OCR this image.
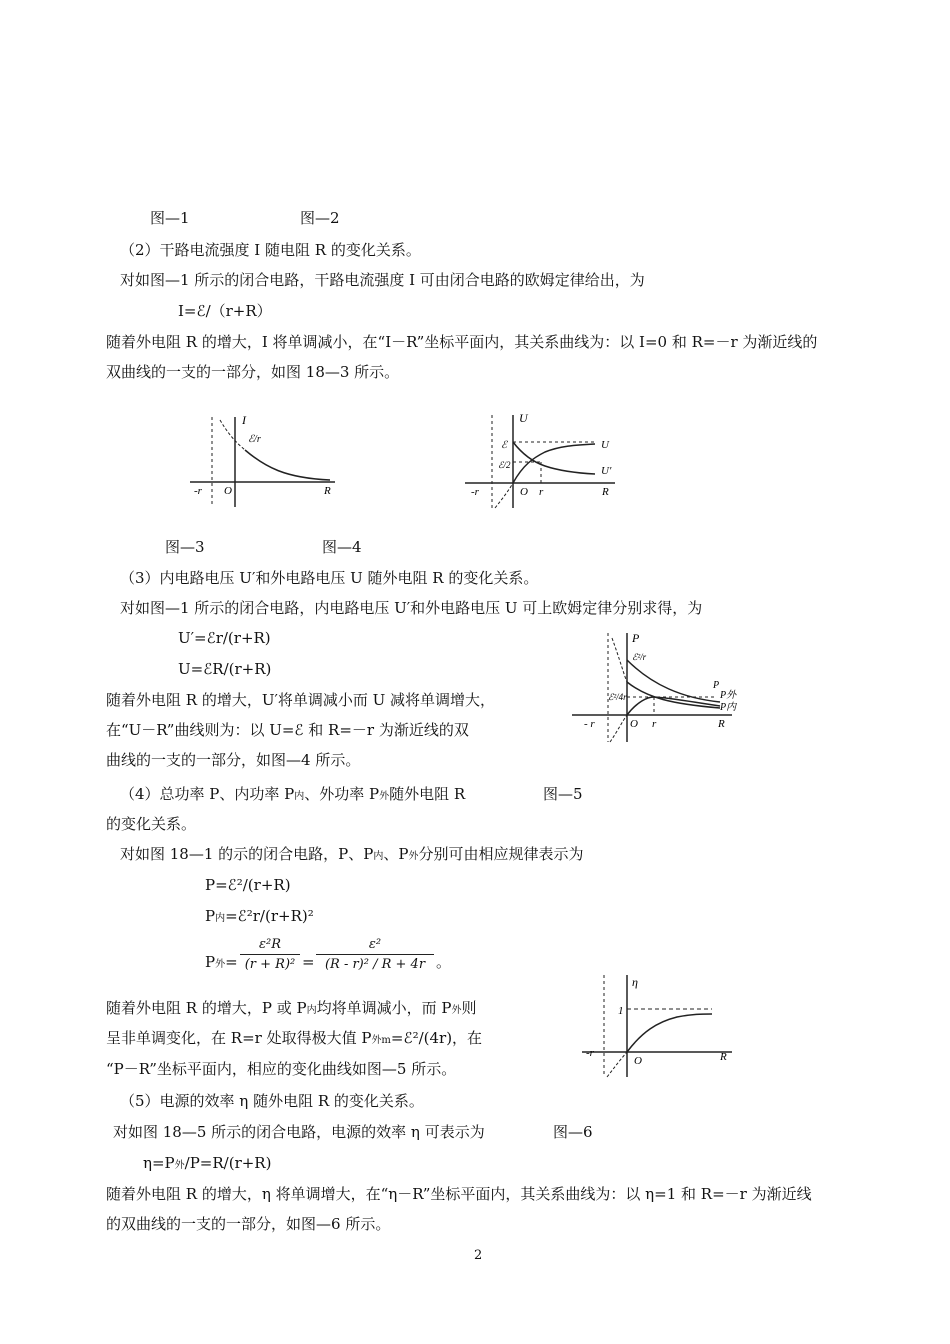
图—1	图—2
（2）干路电流强度 I 随电阻 R 的变化关系。
对如图—1 所示的闭合电路，干路电流强度 I 可由闭合电路的欧姆定律给出，为
I=ℰ/（r+R）
随着外电阻 R 的增大，I 将单调减小，在“I－R”坐标平面内，其关系曲线为：以 I=0 和 R=－r 为渐近线的
双曲线的一支的一部分，如图 18—3 所示。
I
ℰ/r
-r O	R
U
ℰ
ℰ/2
-r	O r	R
U
U′
图—3	图—4
（3）内电路电压 U′和外电路电压 U 随外电阻 R 的变化关系。
对如图—1 所示的闭合电路，内电路电压 U′和外电路电压 U 可上欧姆定律分别求得，为
U′=ℰr/(r+R)
U=ℰR/(r+R)
随着外电阻 R 的增大，U′将单调减小而 U 减将单调增大，
在“U－R”曲线则为：以 U=ℰ 和 R=－r 为渐近线的双
曲线的一支的一部分，如图—4 所示。
P
ℰ²/r
ℰ²/4r
- r	O r	R
P
P外
P内
（4）总功率 P、内功率 P内、外功率 P外随外电阻 R	图—5
的变化关系。
对如图 18—1 的示的闭合电路，P、P内、P外分别可由相应规律表示为
P=ℰ²/(r+R)
P内=ℰ²r/(r+R)²
P外= $\frac{\text{ε²R}}{\text{(r + R)²}} = \frac{\text{ε²}}{\text{(R - r)² / R + 4r}}$ 。
η
1
-r
O	R
随着外电阻 R 的增大，P 或 P内均将单调减小，而 P外则
呈非单调变化，在 R=r 处取得极大值 P外m=ℰ²/(4r)，在
“P－R”坐标平面内，相应的变化曲线如图—5 所示。
（5）电源的效率 η 随外电阻 R 的变化关系。
对如图 18—5 所示的闭合电路，电源的效率 η 可表示为	图—6
η=P外/P=R/(r+R)
随着外电阻 R 的增大，η 将单调增大，在“η－R”坐标平面内，其关系曲线为：以 η=1 和 R=－r 为渐近线
的双曲线的一支的一部分，如图—6 所示。
2
